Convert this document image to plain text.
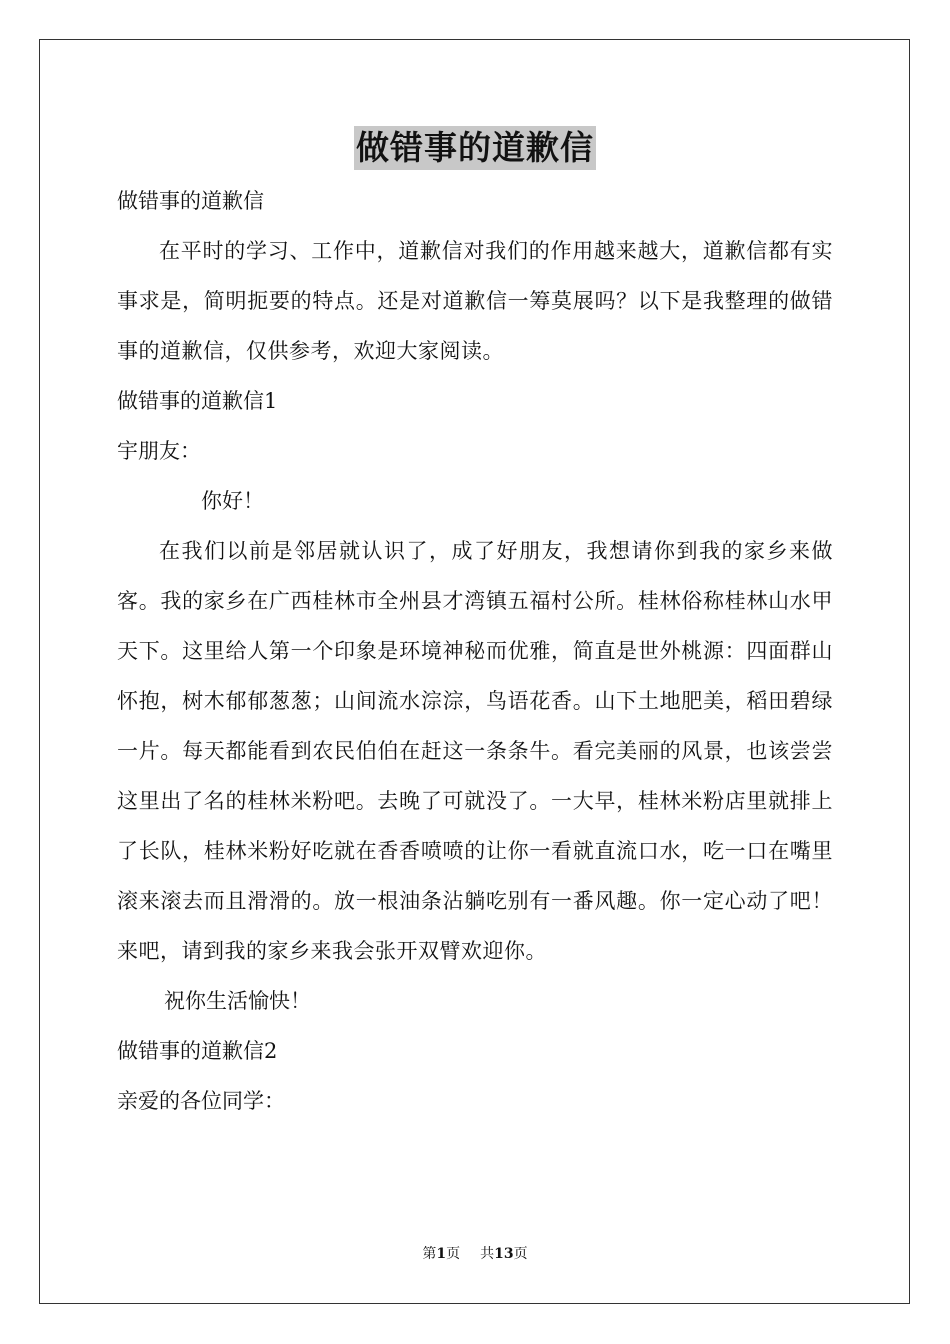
做错事的道歉信
做错事的道歉信

在平时的学习、工作中，道歉信对我们的作用越来越大，道歉信都有实事求是，简明扼要的特点。还是对道歉信一筹莫展吗？以下是我整理的做错事的道歉信，仅供参考，欢迎大家阅读。

做错事的道歉信1
宇朋友：
你好！

在我们以前是邻居就认识了，成了好朋友，我想请你到我的家乡来做客。我的家乡在广西桂林市全州县才湾镇五福村公所。桂林俗称桂林山水甲天下。这里给人第一个印象是环境神秘而优雅，简直是世外桃源：四面群山怀抱，树木郁郁葱葱；山间流水淙淙，鸟语花香。山下土地肥美，稻田碧绿一片。每天都能看到农民伯伯在赶这一条条牛。看完美丽的风景，也该尝尝这里出了名的桂林米粉吧。去晚了可就没了。一大早，桂林米粉店里就排上了长队，桂林米粉好吃就在香香喷喷的让你一看就直流口水，吃一口在嘴里滚来滚去而且滑滑的。放一根油条沾躺吃别有一番风趣。你一定心动了吧！来吧，请到我的家乡来我会张开双臂欢迎你。

祝你生活愉快！
做错事的道歉信2
亲爱的各位同学：
第1页 共13页
